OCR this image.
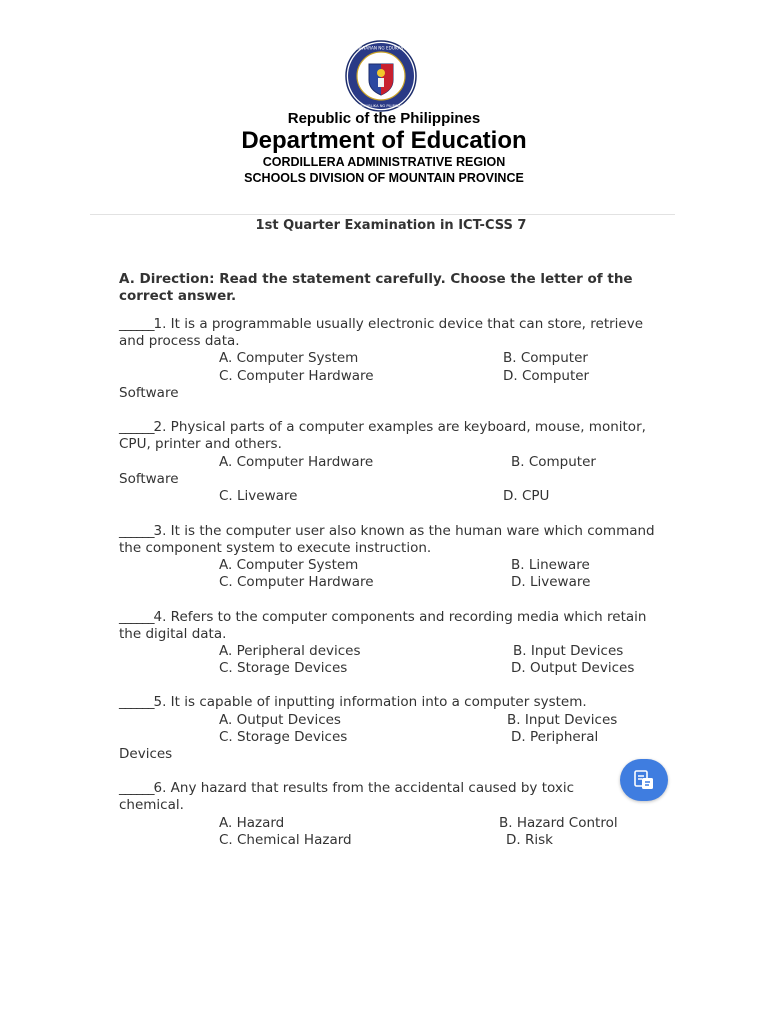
KAGAWARAN NG EDUKASYON
REPUBLIKA NG PILIPINAS
Republic of the Philippines
Department of Education
CORDILLERA ADMINISTRATIVE REGION
SCHOOLS DIVISION OF MOUNTAIN PROVINCE
1st Quarter Examination in ICT-CSS 7
A. Direction: Read the statement carefully. Choose the letter of the correct answer.
______1. It is a programmable usually electronic device that can store, retrieve and process data.
A. Computer System	B. Computer
C. Computer Hardware	D. Computer
Software
______2. Physical parts of a computer examples are keyboard, mouse, monitor, CPU, printer and others.
A. Computer Hardware	B. Computer
Software
C. Liveware	D. CPU
______3. It is the computer user also known as the human ware which command the component system to execute instruction.
A. Computer System	B. Lineware
C. Computer Hardware	D. Liveware
______4. Refers to the computer components and recording media which retain the digital data.
A. Peripheral devices	B. Input Devices
C. Storage Devices	D. Output Devices
______5. It is capable of inputting information into a computer system.
A. Output Devices	B. Input Devices
C. Storage Devices	D. Peripheral
Devices
______6. Any hazard that results from the accidental caused by toxic chemical.
A. Hazard	B. Hazard Control
C. Chemical Hazard	D. Risk
